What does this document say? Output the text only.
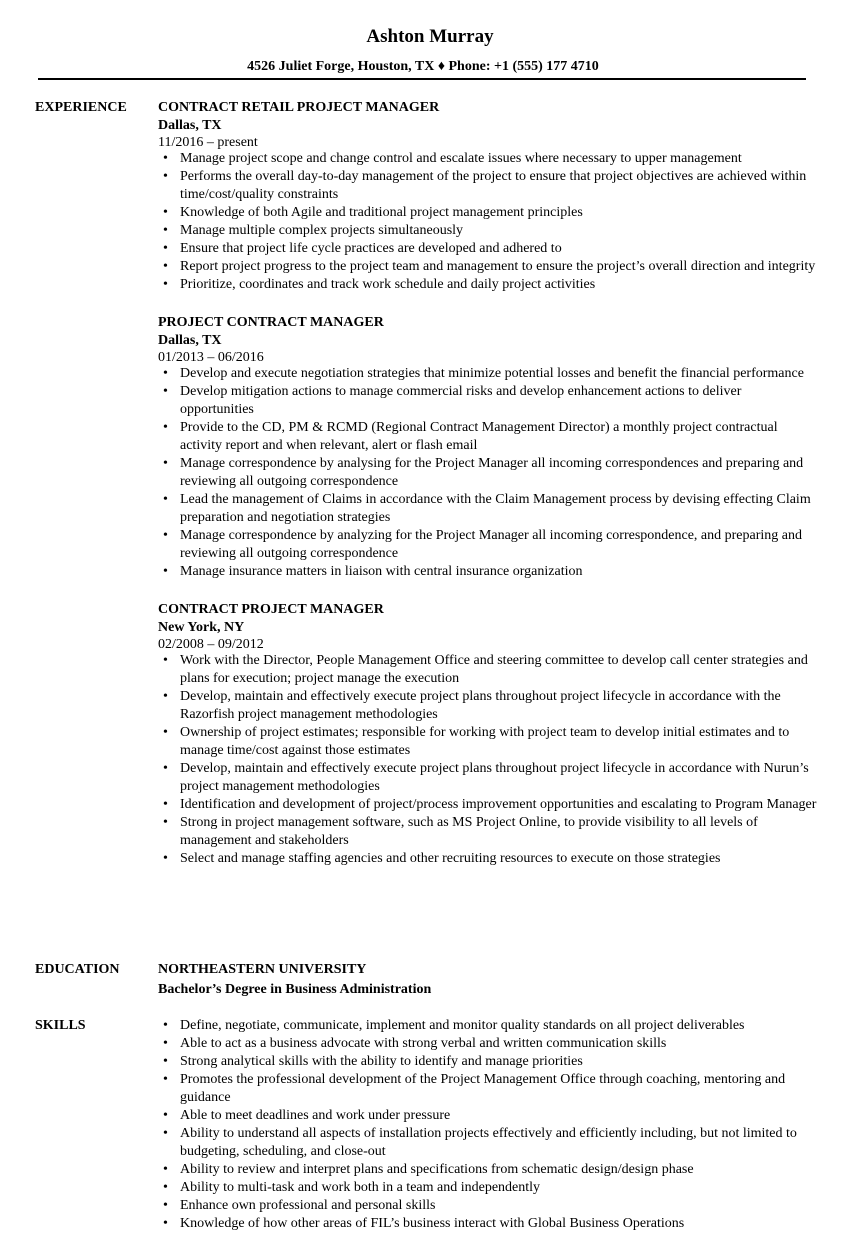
Ashton Murray
4526 Juliet Forge, Houston, TX ♦ Phone: +1 (555) 177 4710
EXPERIENCE CONTRACT RETAIL PROJECT MANAGER
Dallas, TX
11/2016 – present
• Manage project scope and change control and escalate issues where necessary to upper management
• Performs the overall day-to-day management of the project to ensure that project objectives are achieved within time/cost/quality constraints
• Knowledge of both Agile and traditional project management principles
• Manage multiple complex projects simultaneously
• Ensure that project life cycle practices are developed and adhered to
• Report project progress to the project team and management to ensure the project’s overall direction and integrity
• Prioritize, coordinates and track work schedule and daily project activities
PROJECT CONTRACT MANAGER
Dallas, TX
01/2013 – 06/2016
• Develop and execute negotiation strategies that minimize potential losses and benefit the financial performance
• Develop mitigation actions to manage commercial risks and develop enhancement actions to deliver opportunities
• Provide to the CD, PM & RCMD (Regional Contract Management Director) a monthly project contractual activity report and when relevant, alert or flash email
• Manage correspondence by analysing for the Project Manager all incoming correspondences and preparing and reviewing all outgoing correspondence
• Lead the management of Claims in accordance with the Claim Management process by devising effecting Claim preparation and negotiation strategies
• Manage correspondence by analyzing for the Project Manager all incoming correspondence, and preparing and reviewing all outgoing correspondence
• Manage insurance matters in liaison with central insurance organization
CONTRACT PROJECT MANAGER
New York, NY
02/2008 – 09/2012
• Work with the Director, People Management Office and steering committee to develop call center strategies and plans for execution; project manage the execution
• Develop, maintain and effectively execute project plans throughout project lifecycle in accordance with the Razorfish project management methodologies
• Ownership of project estimates; responsible for working with project team to develop initial estimates and to manage time/cost against those estimates
• Develop, maintain and effectively execute project plans throughout project lifecycle in accordance with Nurun’s project management methodologies
• Identification and development of project/process improvement opportunities and escalating to Program Manager
• Strong in project management software, such as MS Project Online, to provide visibility to all levels of management and stakeholders
• Select and manage staffing agencies and other recruiting resources to execute on those strategies
EDUCATION	NORTHEASTERN UNIVERSITY
Bachelor’s Degree in Business Administration
SKILLS
•	Define, negotiate, communicate, implement and monitor quality standards on all project deliverables
• Able to act as a business advocate with strong verbal and written communication skills
• Strong analytical skills with the ability to identify and manage priorities
• Promotes the professional development of the Project Management Office through coaching, mentoring and guidance
• Able to meet deadlines and work under pressure
• Ability to understand all aspects of installation projects effectively and efficiently including, but not limited to budgeting, scheduling, and close-out
• Ability to review and interpret plans and specifications from schematic design/design phase
• Ability to multi-task and work both in a team and independently
• Enhance own professional and personal skills
• Knowledge of how other areas of FIL’s business interact with Global Business Operations
